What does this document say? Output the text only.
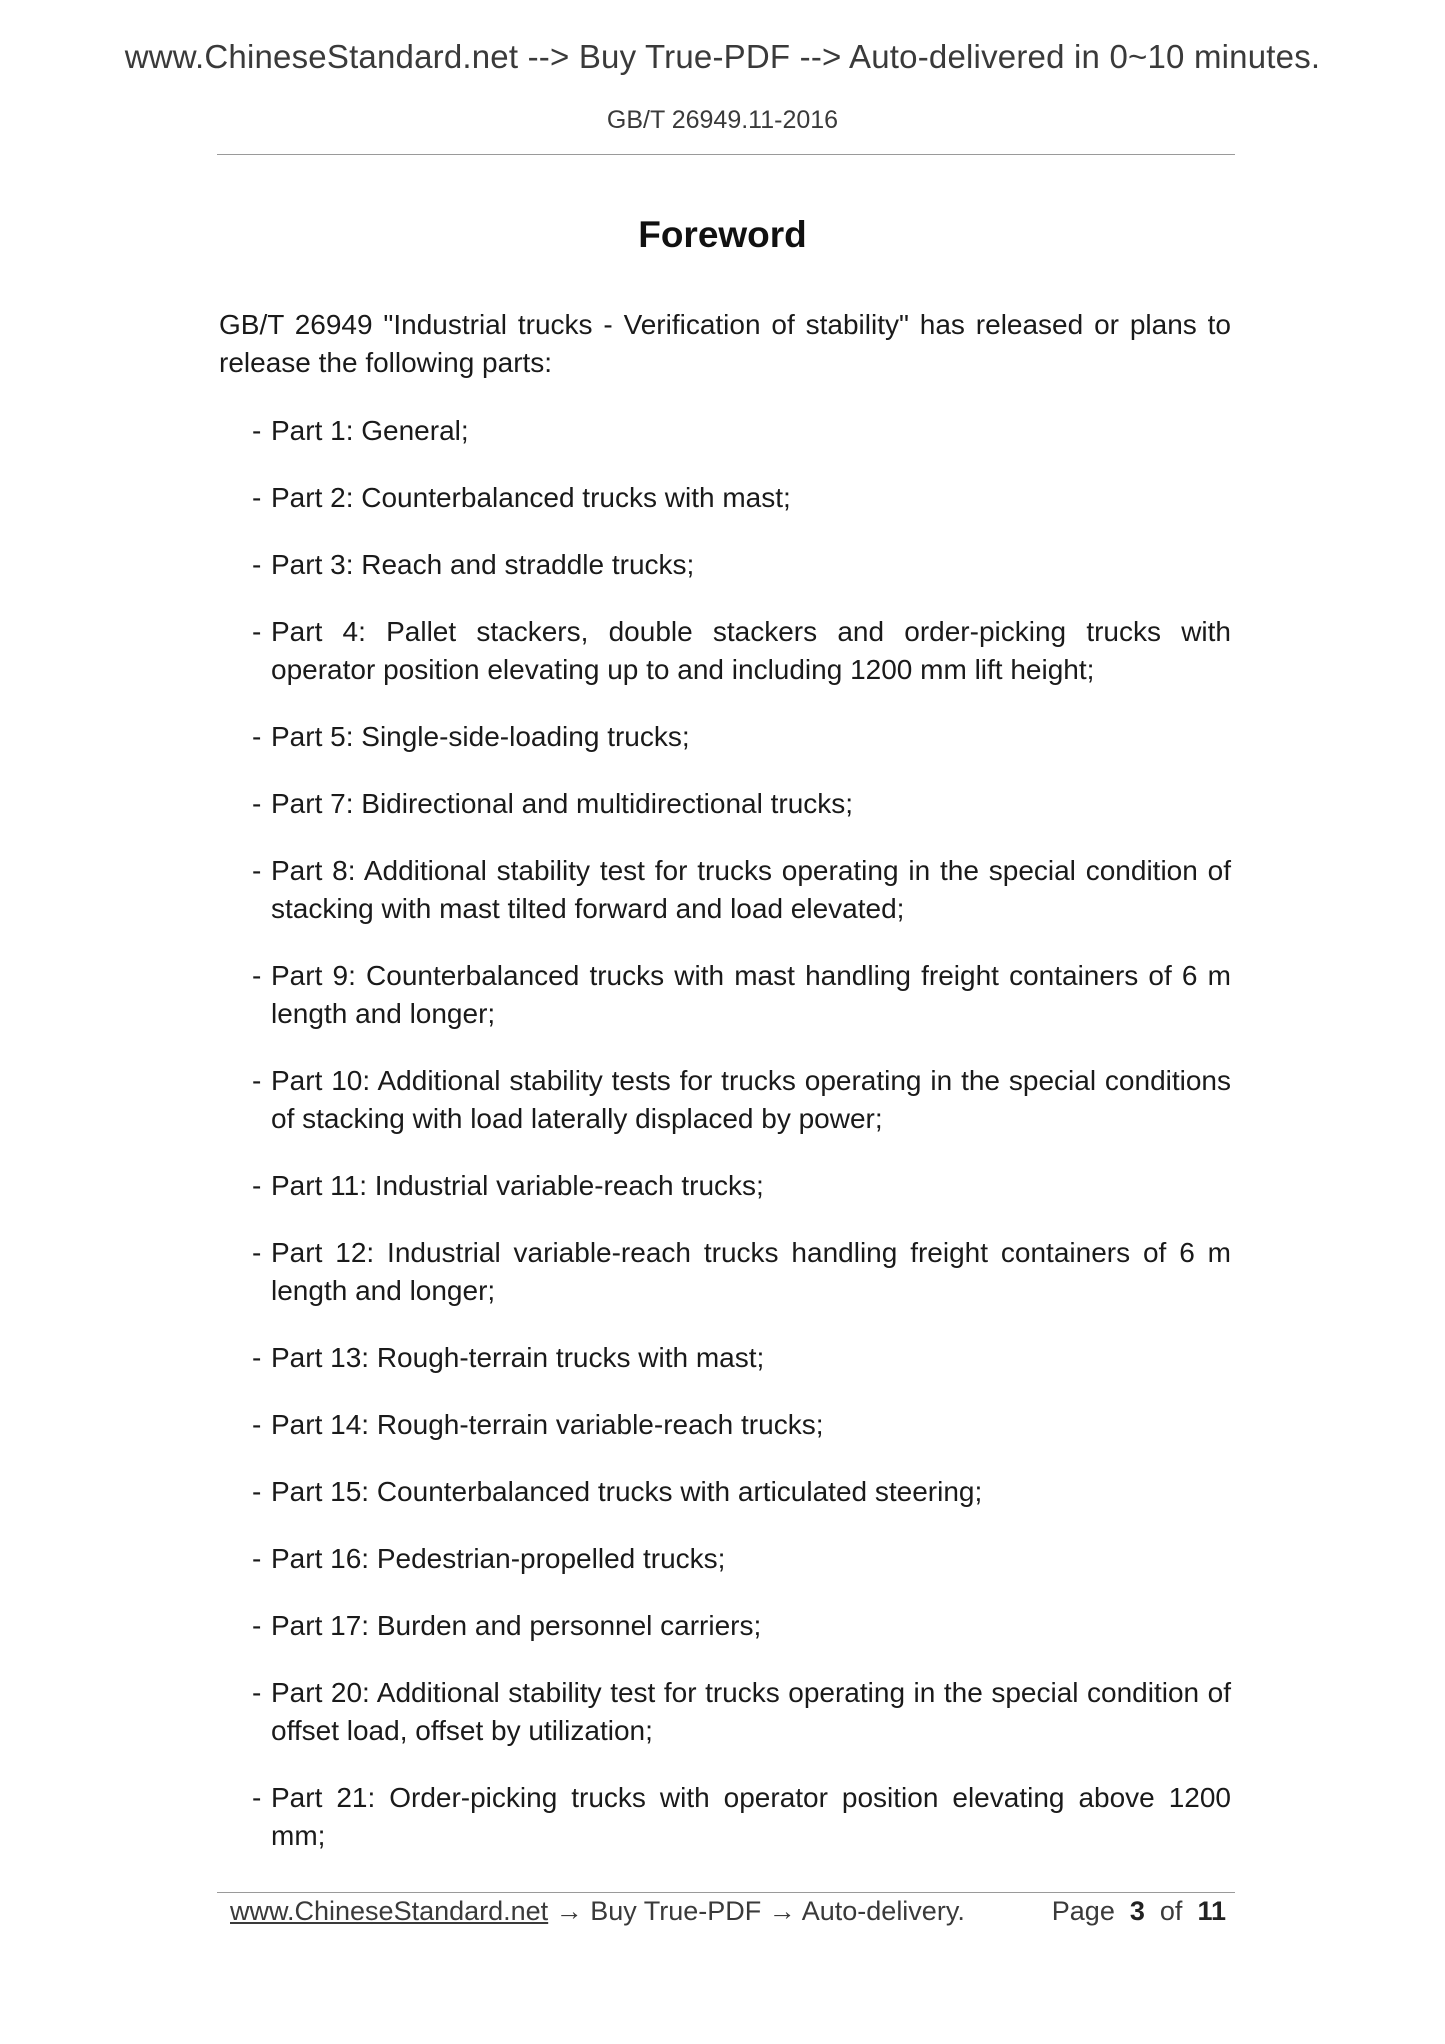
www.ChineseStandard.net --> Buy True-PDF --> Auto-delivered in 0~10 minutes.
GB/T 26949.11-2016
Foreword

GB/T 26949 "Industrial trucks - Verification of stability" has released or plans to release the following parts:

- Part 1: General;
- Part 2: Counterbalanced trucks with mast;
- Part 3: Reach and straddle trucks;
- Part 4: Pallet stackers, double stackers and order-picking trucks with operator position elevating up to and including 1200 mm lift height;
- Part 5: Single-side-loading trucks;
- Part 7: Bidirectional and multidirectional trucks;
- Part 8: Additional stability test for trucks operating in the special condition of stacking with mast tilted forward and load elevated;
- Part 9: Counterbalanced trucks with mast handling freight containers of 6 m length and longer;
- Part 10: Additional stability tests for trucks operating in the special conditions of stacking with load laterally displaced by power;
- Part 11: Industrial variable-reach trucks;
- Part 12: Industrial variable-reach trucks handling freight containers of 6 m length and longer;
- Part 13: Rough-terrain trucks with mast;
- Part 14: Rough-terrain variable-reach trucks;
- Part 15: Counterbalanced trucks with articulated steering;
- Part 16: Pedestrian-propelled trucks;
- Part 17: Burden and personnel carriers;
- Part 20: Additional stability test for trucks operating in the special condition of offset load, offset by utilization;
- Part 21: Order-picking trucks with operator position elevating above 1200 mm;
www.ChineseStandard.net → Buy True-PDF → Auto-delivery.	Page 3 of 11
